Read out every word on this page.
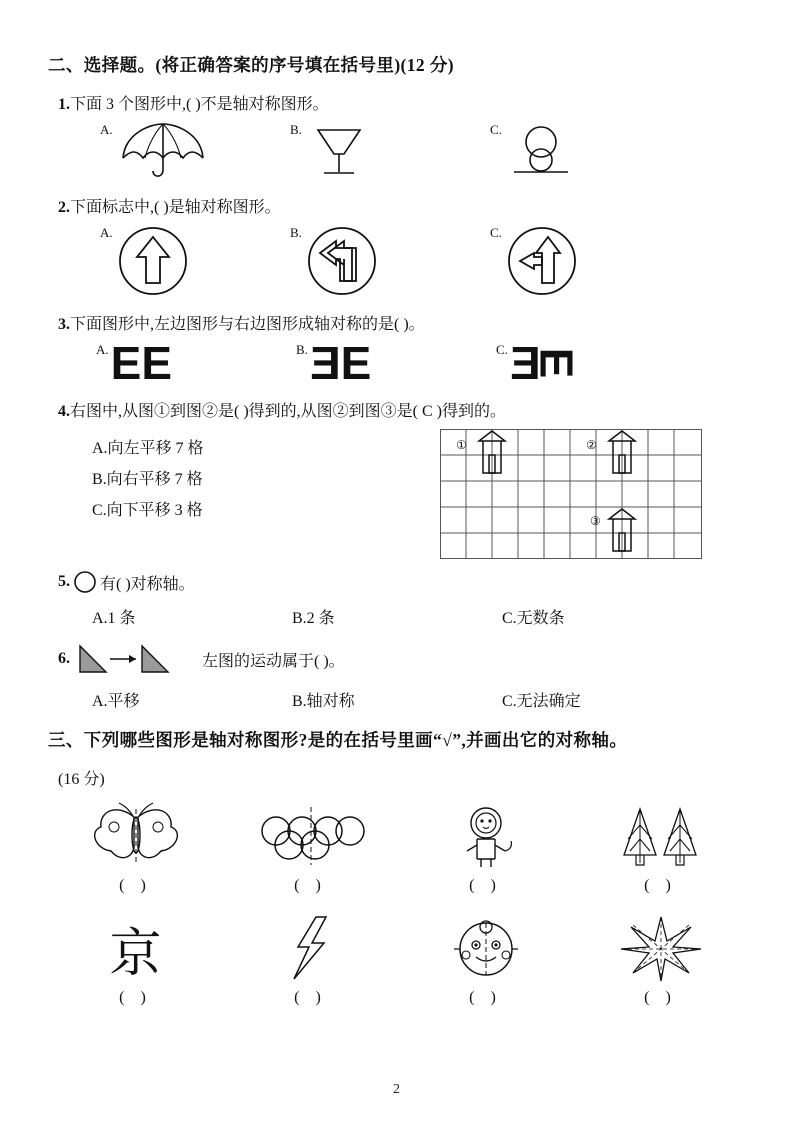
二、选择题。(将正确答案的序号填在括号里)(12 分)
1.下面 3 个图形中,( )不是轴对称图形。
A.	B.	C.
2.下面标志中,( )是轴对称图形。
A.	B.	C.
3.下面图形中,左边图形与右边图形成轴对称的是( )。
A. EE	B. EE	C. EE
4.右图中,从图①到图②是( )得到的,从图②到图③是( C )得到的。
A.向左平移 7 格
B.向右平移 7 格
C.向下平移 3 格
①	②
③
5. 有( )对称轴。
A.1 条	B.2 条	C.无数条
6.	左图的运动属于( )。
A.平移	B.轴对称	C.无法确定
三、下列哪些图形是轴对称图形?是的在括号里画“√”,并画出它的对称轴。
(16 分)
( )	( )	( )	( )
京
( )	( )	( )	( )
2
